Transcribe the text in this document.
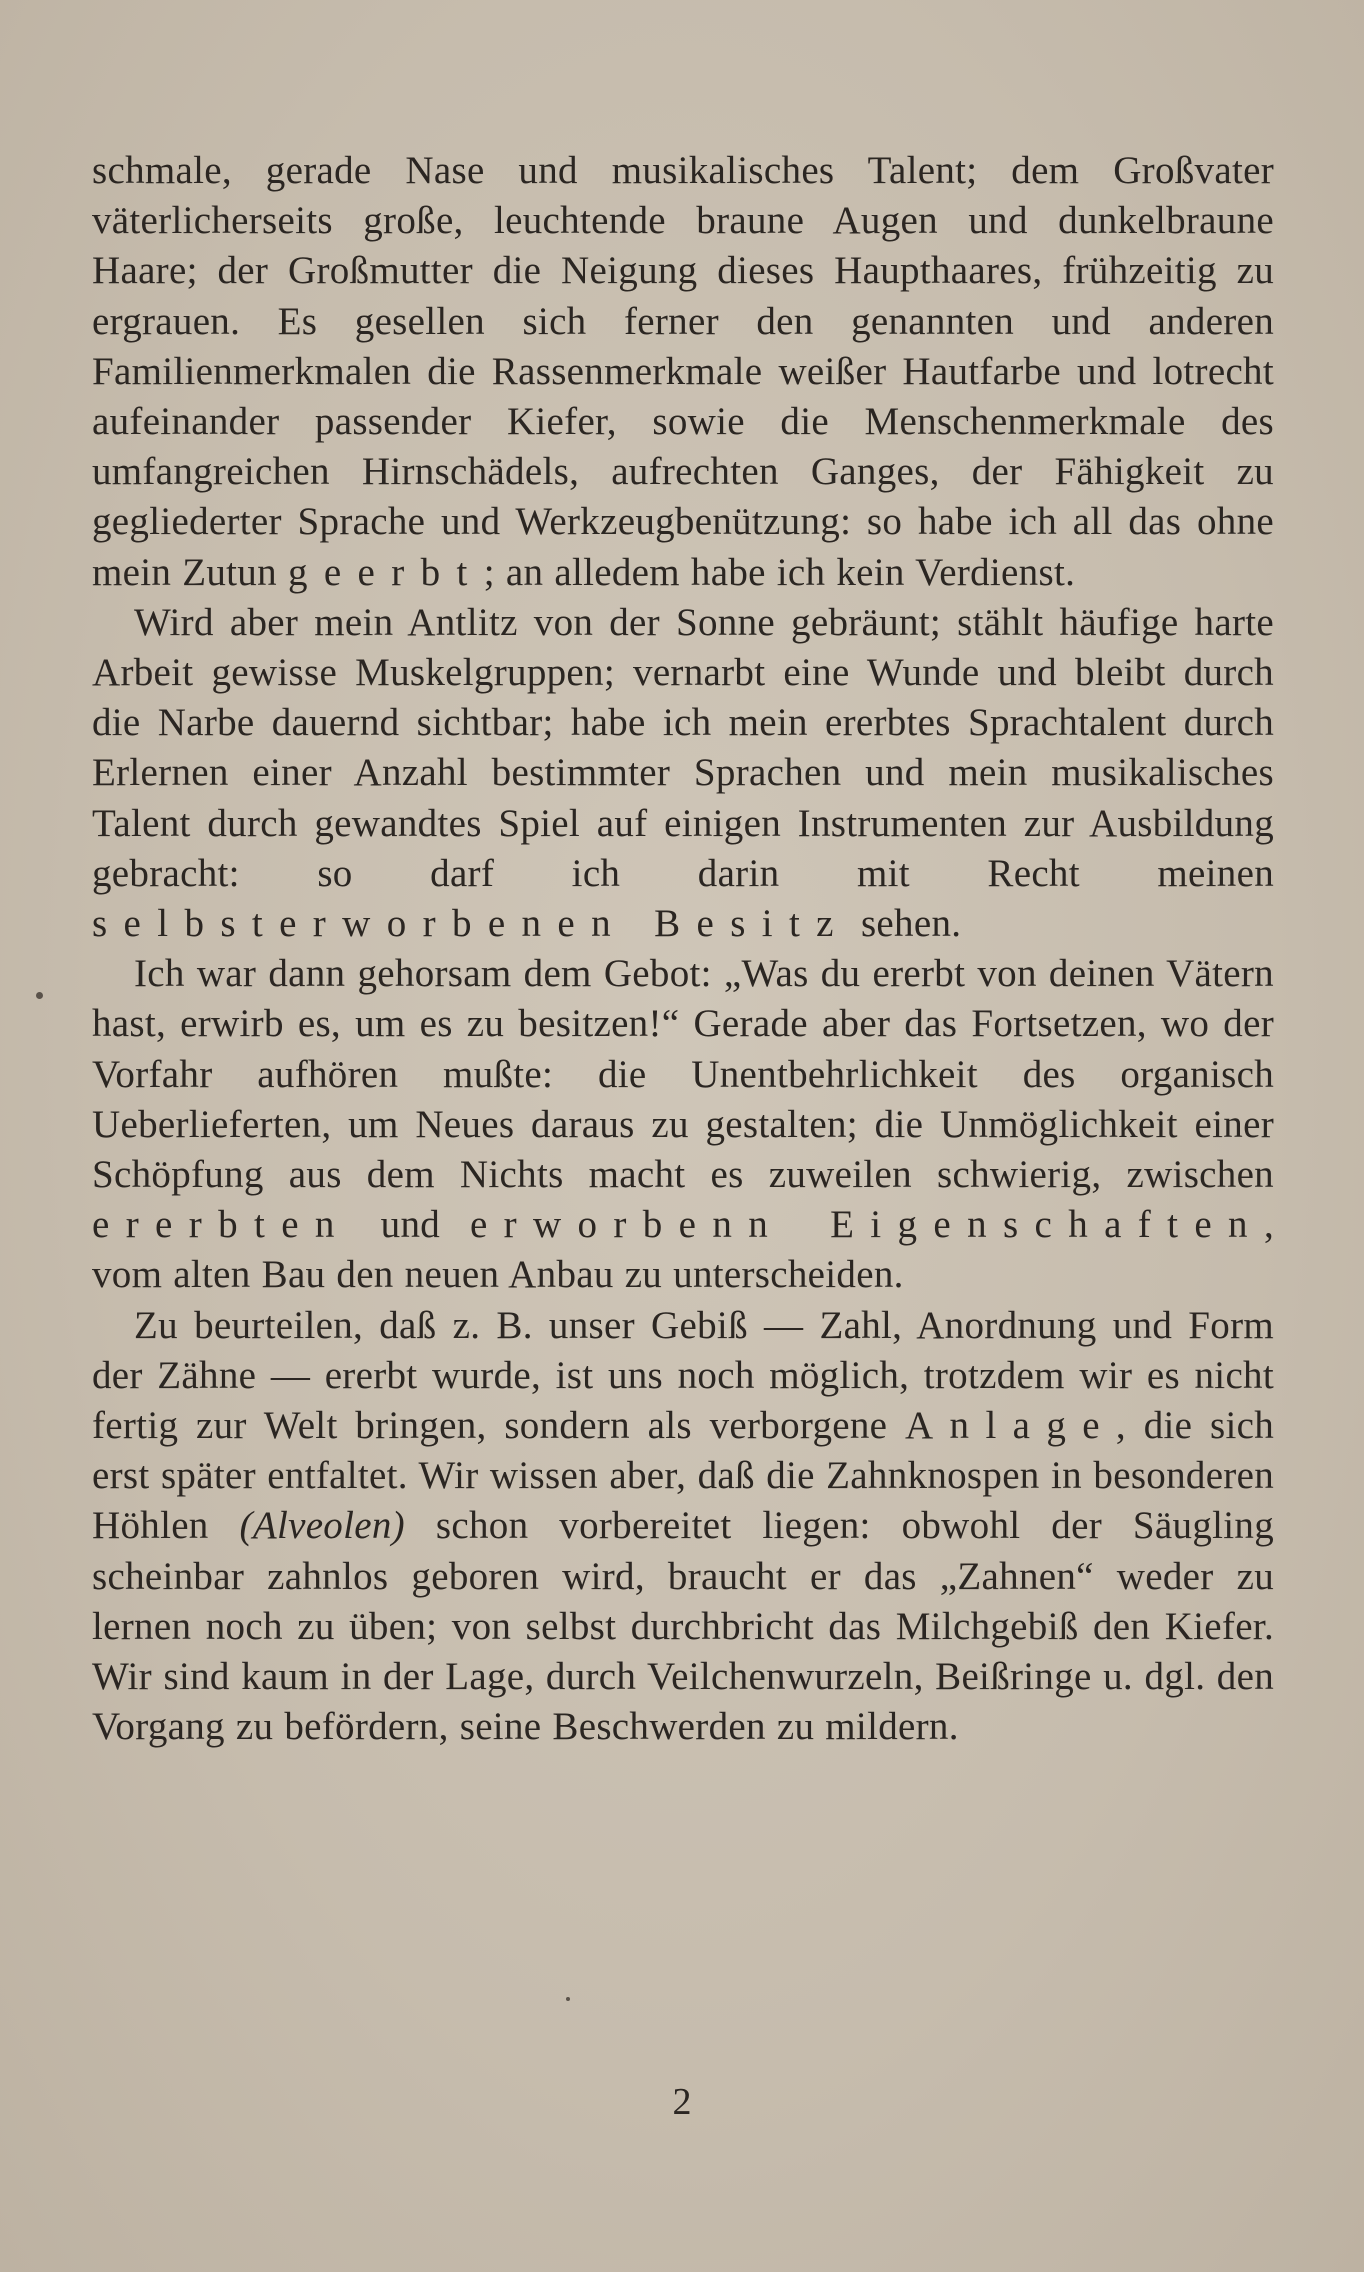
schmale, gerade Nase und musikalisches Talent; dem Großvater väterlicherseits große, leuchtende braune Augen und dunkelbraune Haare; der Großmutter die Neigung dieses Haupthaares, frühzeitig zu ergrauen. Es gesellen sich ferner den genannten und anderen Familienmerkmalen die Rassenmerkmale weißer Hautfarbe und lotrecht aufeinander passender Kiefer, sowie die Menschenmerkmale des umfangreichen Hirnschädels, aufrechten Ganges, der Fähigkeit zu gegliederter Sprache und Werkzeugbenützung: so habe ich all das ohne mein Zutun geerbt; an alledem habe ich kein Verdienst.

Wird aber mein Antlitz von der Sonne gebräunt; stählt häufige harte Arbeit gewisse Muskelgruppen; vernarbt eine Wunde und bleibt durch die Narbe dauernd sichtbar; habe ich mein ererbtes Sprachtalent durch Erlernen einer Anzahl bestimmter Sprachen und mein musikalisches Talent durch gewandtes Spiel auf einigen Instrumenten zur Ausbildung gebracht: so darf ich darin mit Recht meinen selbsterworbenen Besitz sehen.

Ich war dann gehorsam dem Gebot: „Was du ererbt von deinen Vätern hast, erwirb es, um es zu besitzen!“ Gerade aber das Fortsetzen, wo der Vorfahr aufhören mußte: die Unentbehrlichkeit des organisch Ueberlieferten, um Neues daraus zu gestalten; die Unmöglichkeit einer Schöpfung aus dem Nichts macht es zuweilen schwierig, zwischen ererbten und erworbenn Eigenschaften, vom alten Bau den neuen Anbau zu unterscheiden.

Zu beurteilen, daß z. B. unser Gebiß — Zahl, Anordnung und Form der Zähne — ererbt wurde, ist uns noch möglich, trotzdem wir es nicht fertig zur Welt bringen, sondern als verborgene Anlage, die sich erst später entfaltet. Wir wissen aber, daß die Zahnknospen in besonderen Höhlen (Alveolen) schon vorbereitet liegen: obwohl der Säugling scheinbar zahnlos geboren wird, braucht er das „Zahnen“ weder zu lernen noch zu üben; von selbst durchbricht das Milchgebiß den Kiefer. Wir sind kaum in der Lage, durch Veilchenwurzeln, Beißringe u. dgl. den Vorgang zu befördern, seine Beschwerden zu mildern.

2
